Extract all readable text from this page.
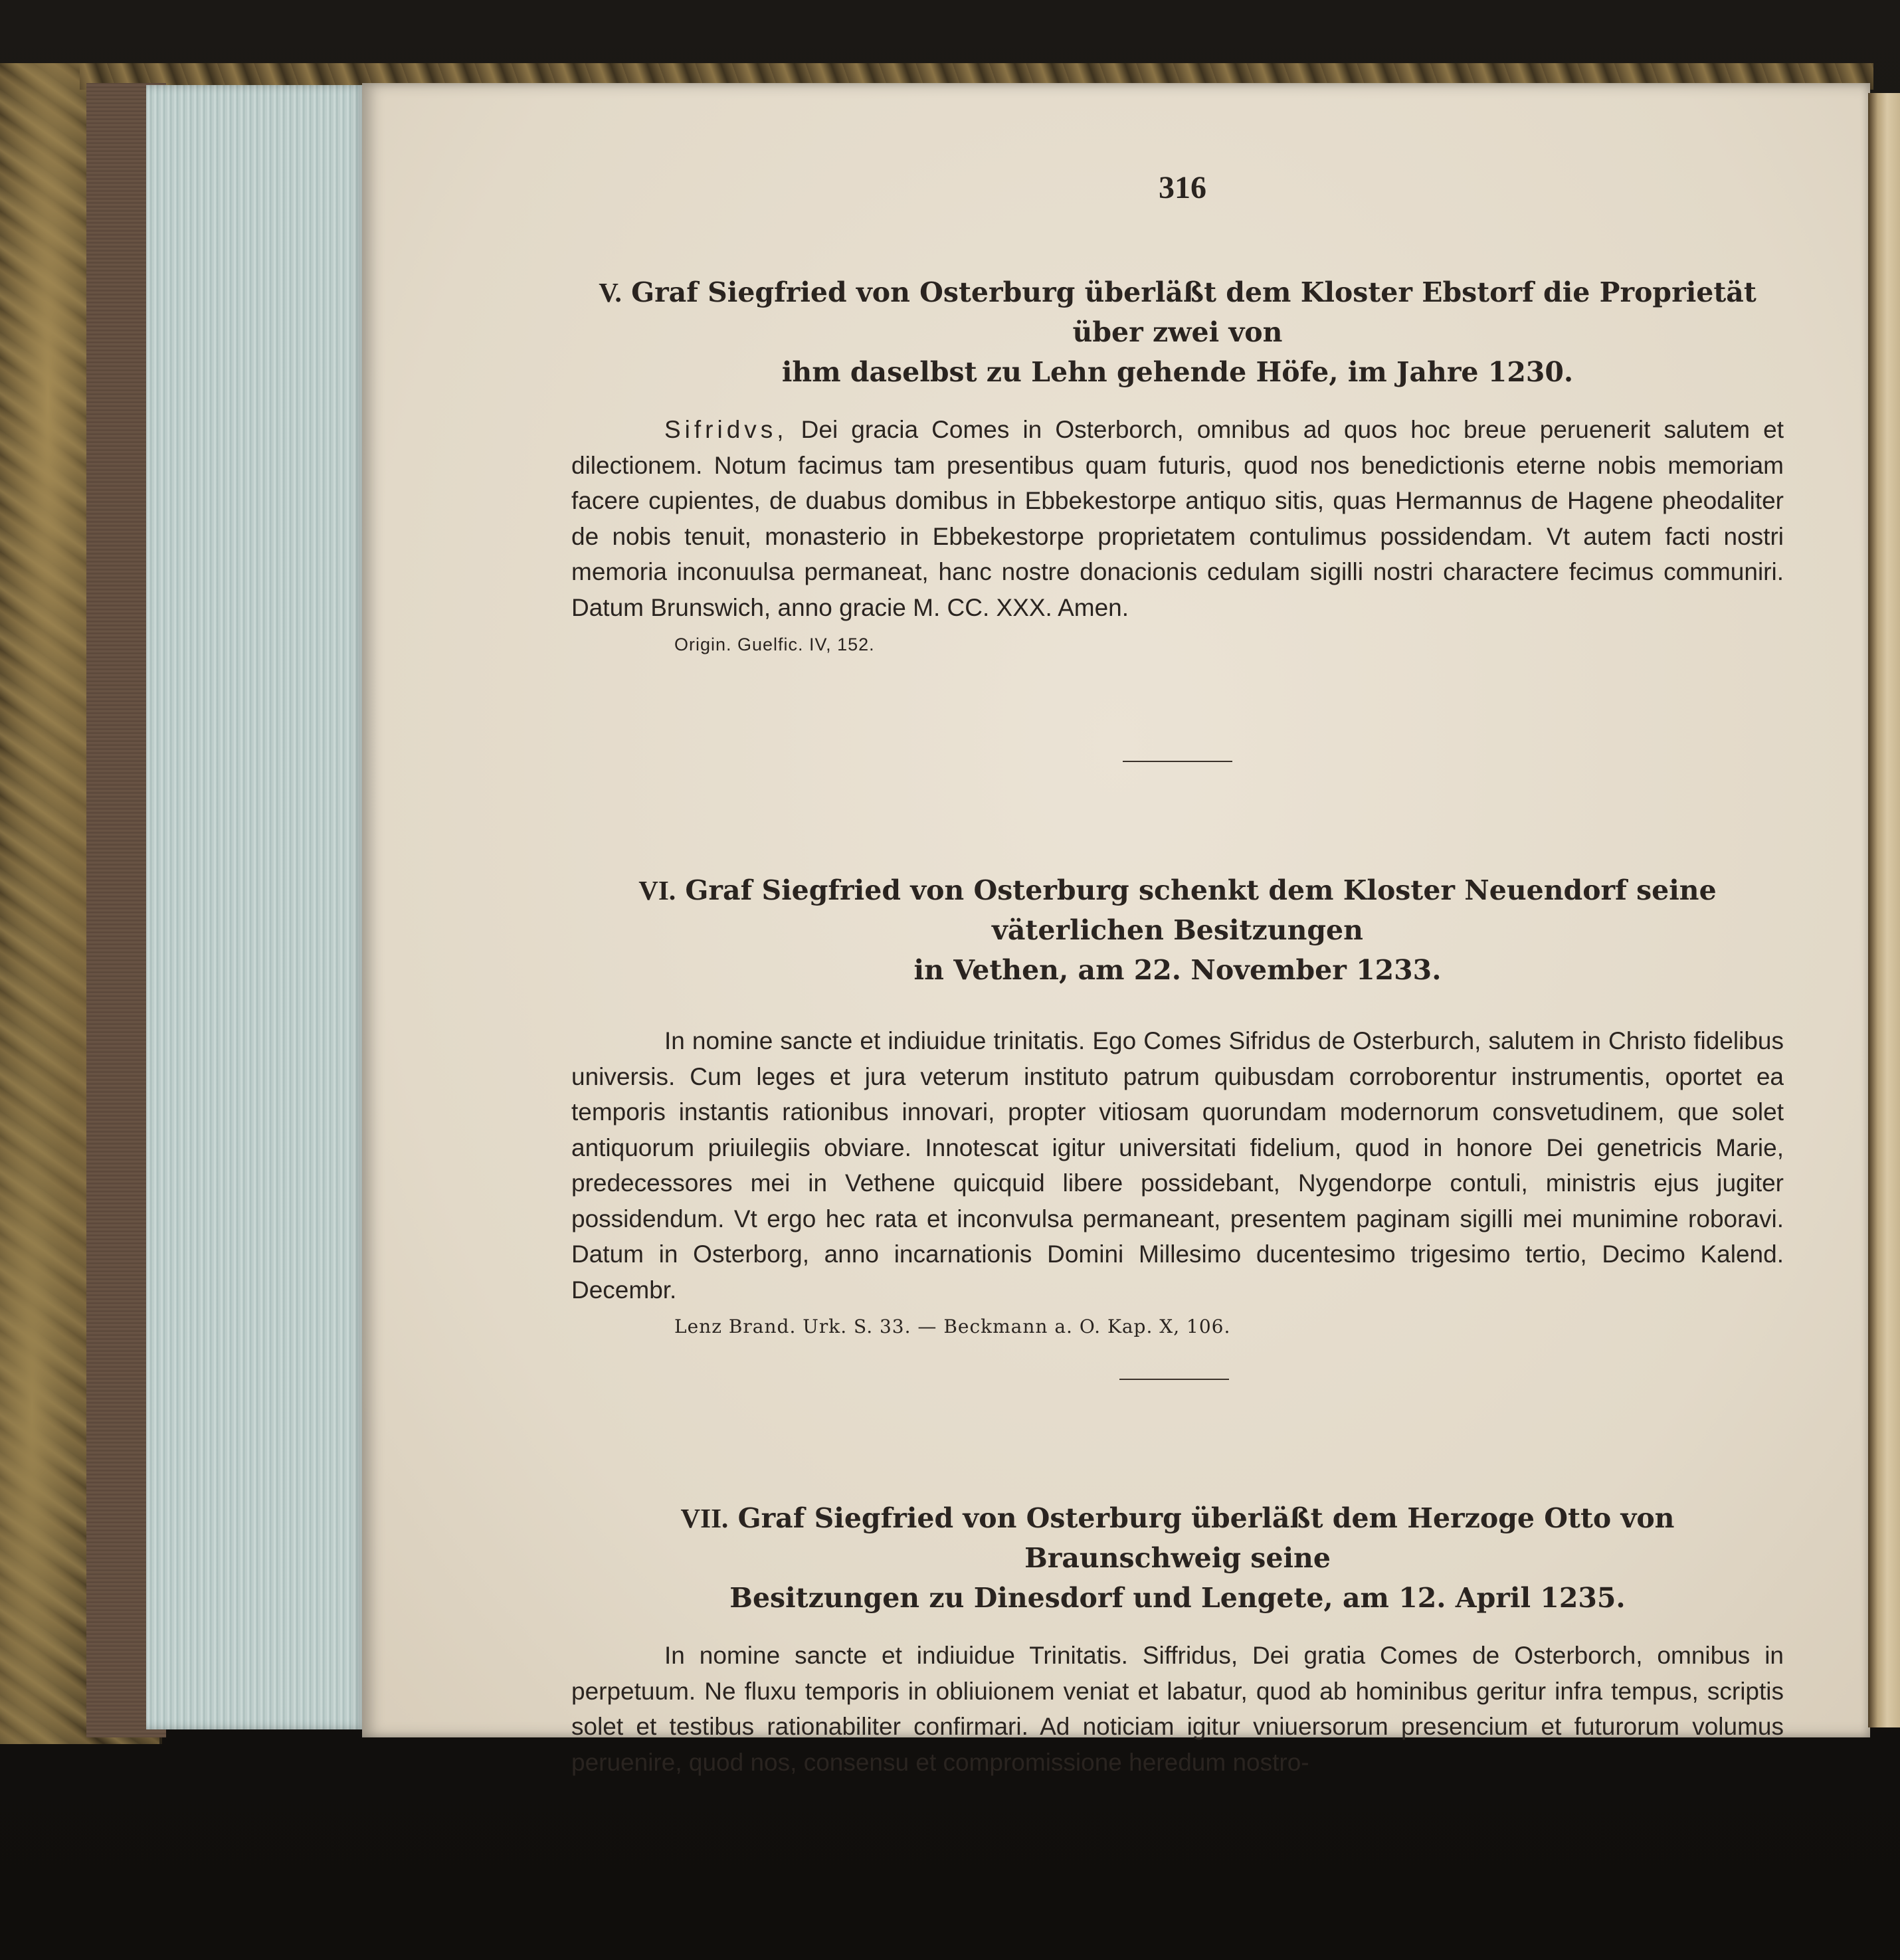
316

V. Graf Siegfried von Osterburg überläßt dem Kloster Ebstorf die Proprietät über zwei von
ihm daselbst zu Lehn gehende Höfe, im Jahre 1230.

Sifridvs, Dei gracia Comes in Osterborch, omnibus ad quos hoc breue peruenerit salutem et dilectionem. Notum facimus tam presentibus quam futuris, quod nos benedictionis eterne nobis memoriam facere cupientes, de duabus domibus in Ebbekestorpe antiquo sitis, quas Hermannus de Hagene pheodaliter de nobis tenuit, monasterio in Ebbekestorpe proprietatem contulimus possidendam. Vt autem facti nostri memoria inconuulsa permaneat, hanc nostre donacionis cedulam sigilli nostri charactere fecimus communiri. Datum Brunswich, anno gracie M. CC. XXX. Amen.

Origin. Guelfic. IV, 152.

VI. Graf Siegfried von Osterburg schenkt dem Kloster Neuendorf seine väterlichen Besitzungen
in Vethen, am 22. November 1233.

In nomine sancte et indiuidue trinitatis. Ego Comes Sifridus de Osterburch, salutem in Christo fidelibus universis. Cum leges et jura veterum instituto patrum quibusdam corroborentur instrumentis, oportet ea temporis instantis rationibus innovari, propter vitiosam quorundam modernorum consvetudinem, que solet antiquorum priuilegiis obviare. Innotescat igitur universitati fidelium, quod in honore Dei genetricis Marie, predecessores mei in Vethene quicquid libere possidebant, Nygendorpe contuli, ministris ejus jugiter possidendum. Vt ergo hec rata et inconvulsa permaneant, presentem paginam sigilli mei munimine roboravi. Datum in Osterborg, anno incarnationis Domini Millesimo ducentesimo trigesimo tertio, Decimo Kalend. Decembr.

Lenz Brand. Urk. S. 33. — Beckmann a. O. Kap. X, 106.

VII. Graf Siegfried von Osterburg überläßt dem Herzoge Otto von Braunschweig seine
Besitzungen zu Dinesdorf und Lengete, am 12. April 1235.

In nomine sancte et indiuidue Trinitatis. Siffridus, Dei gratia Comes de Osterborch, omnibus in perpetuum. Ne fluxu temporis in obliuionem veniat et labatur, quod ab hominibus geritur infra tempus, scriptis solet et testibus rationabiliter confirmari. Ad noticiam igitur vniuersorum presencium et futurorum volumus peruenire, quod nos, consensu et compromissione heredum nostro-
